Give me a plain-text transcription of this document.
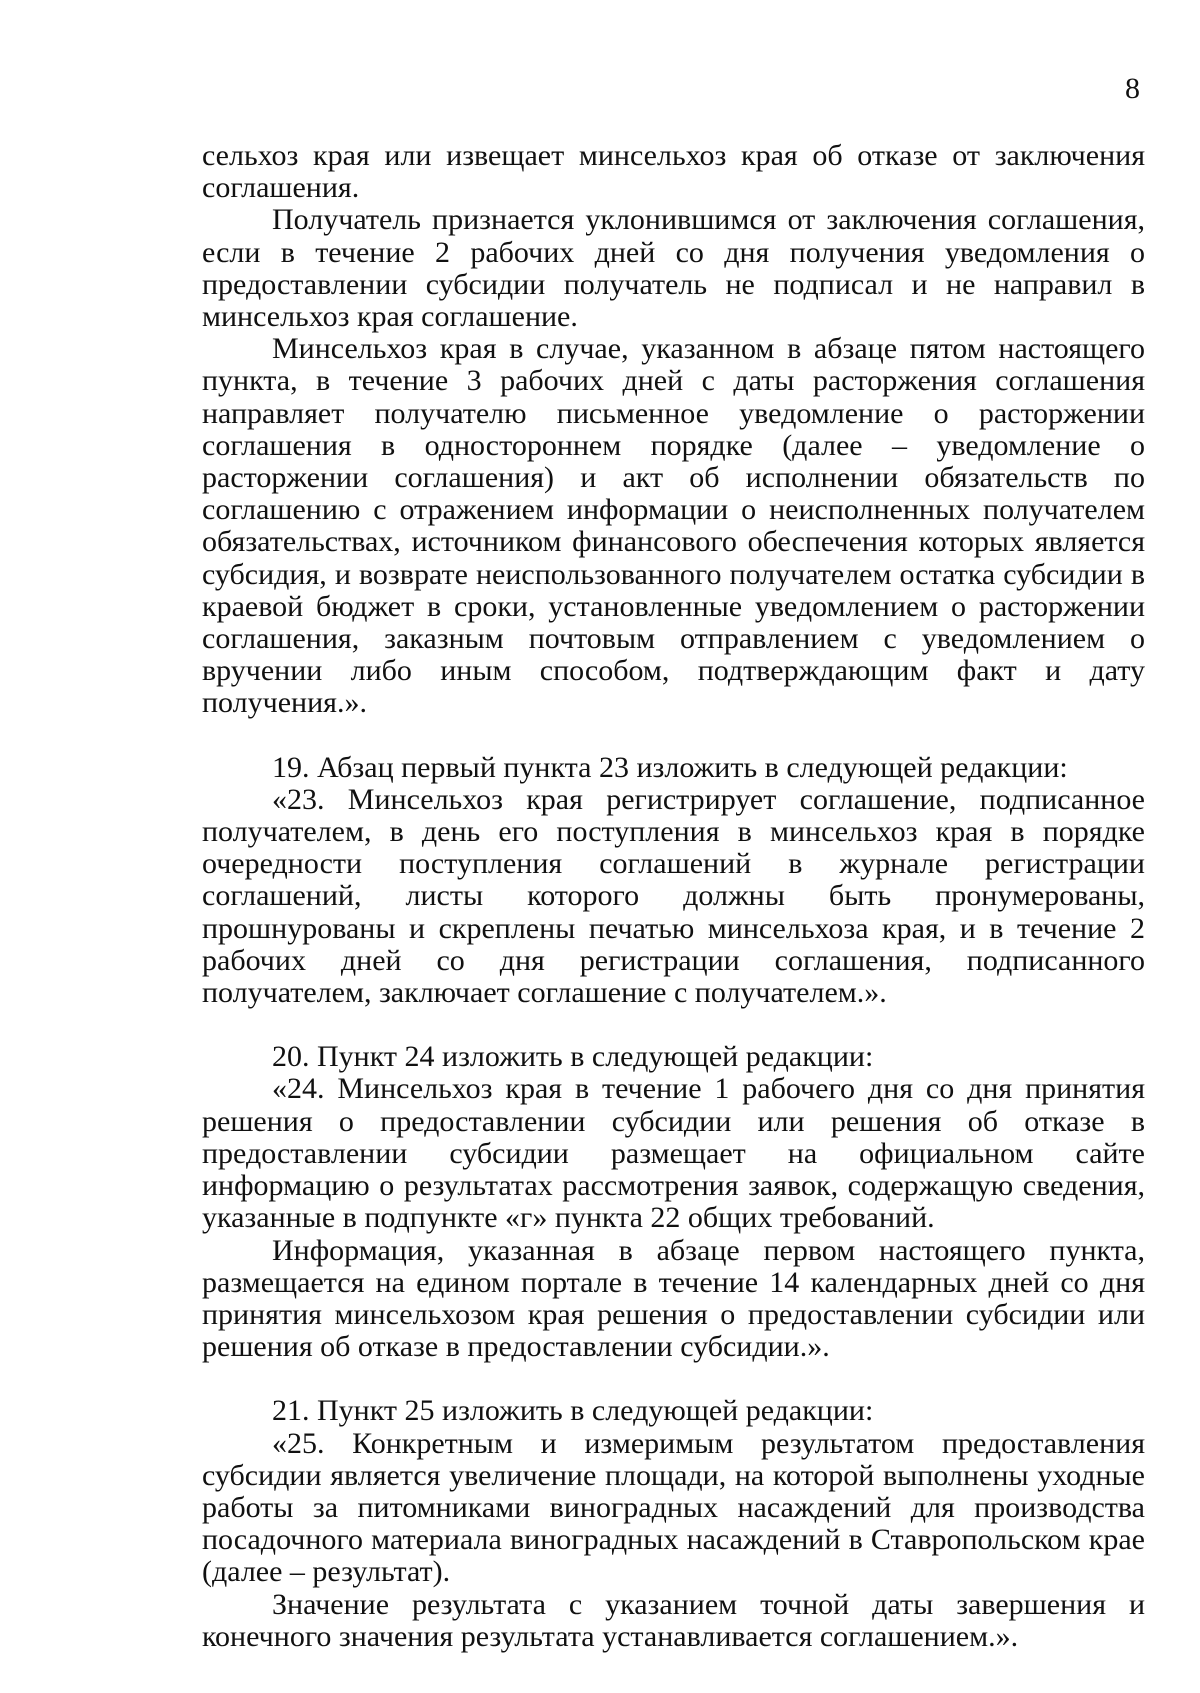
8

сельхоз края или извещает минсельхоз края об отказе от заключения соглашения.

Получатель признается уклонившимся от заключения соглашения, если в течение 2 рабочих дней со дня получения уведомления о предоставлении субсидии получатель не подписал и не направил в минсельхоз края соглашение.

Минсельхоз края в случае, указанном в абзаце пятом настоящего пункта, в течение 3 рабочих дней с даты расторжения соглашения направляет получателю письменное уведомление о расторжении соглашения в одностороннем порядке (далее – уведомление о расторжении соглашения) и акт об исполнении обязательств по соглашению с отражением информации о неисполненных получателем обязательствах, источником финансового обеспечения которых является субсидия, и возврате неиспользованного получателем остатка субсидии в краевой бюджет в сроки, установленные уведомлением о расторжении соглашения, заказным почтовым отправлением с уведомлением о вручении либо иным способом, подтверждающим факт и дату получения.».

19. Абзац первый пункта 23 изложить в следующей редакции:

«23. Минсельхоз края регистрирует соглашение, подписанное получателем, в день его поступления в минсельхоз края в порядке очередности поступления соглашений в журнале регистрации соглашений, листы которого должны быть пронумерованы, прошнурованы и скреплены печатью минсельхоза края, и в течение 2 рабочих дней со дня регистрации соглашения, подписанного получателем, заключает соглашение с получателем.».

20. Пункт 24 изложить в следующей редакции:

«24. Минсельхоз края в течение 1 рабочего дня со дня принятия решения о предоставлении субсидии или решения об отказе в предоставлении субсидии размещает на официальном сайте информацию о результатах рассмотрения заявок, содержащую сведения, указанные в подпункте «г» пункта 22 общих требований.

Информация, указанная в абзаце первом настоящего пункта, размещается на едином портале в течение 14 календарных дней со дня принятия минсельхозом края решения о предоставлении субсидии или решения об отказе в предоставлении субсидии.».

21. Пункт 25 изложить в следующей редакции:

«25. Конкретным и измеримым результатом предоставления субсидии является увеличение площади, на которой выполнены уходные работы за питомниками виноградных насаждений для производства посадочного материала виноградных насаждений в Ставропольском крае (далее – результат).

Значение результата с указанием точной даты завершения и конечного значения результата устанавливается соглашением.».
